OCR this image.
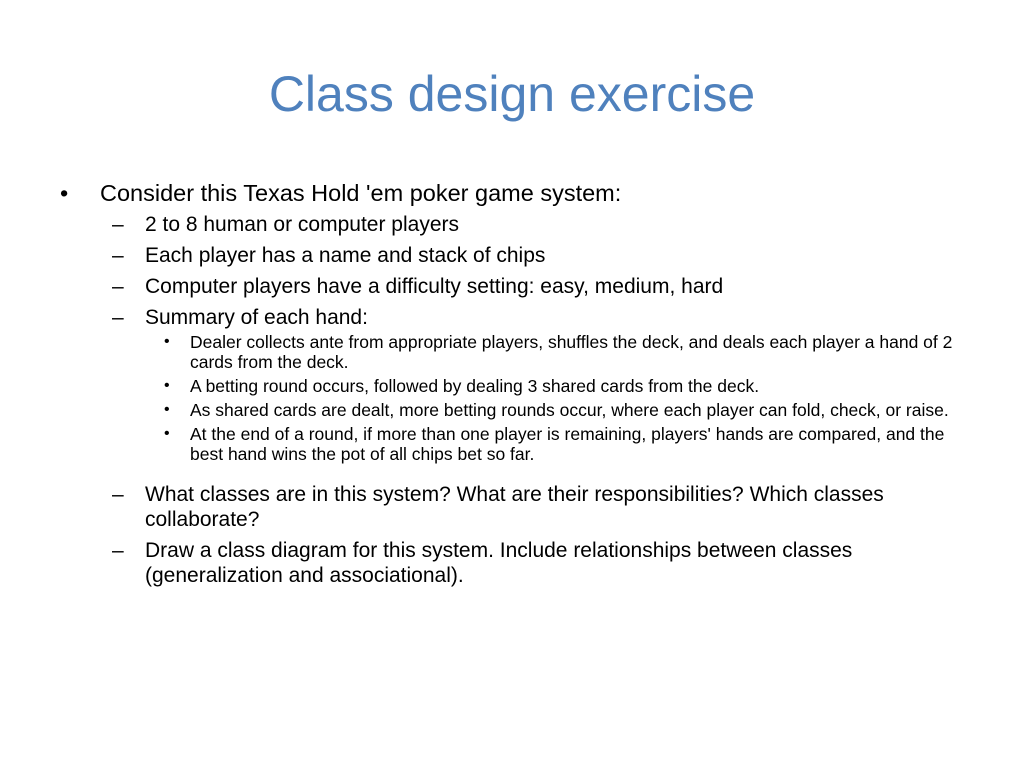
Class design exercise
• Consider this Texas Hold 'em poker game system:
– 2 to 8 human or computer players
– Each player has a name and stack of chips
– Computer players have a difficulty setting: easy, medium, hard
– Summary of each hand:
• Dealer collects ante from appropriate players, shuffles the deck, and deals each player a hand of 2 cards from the deck.
• A betting round occurs, followed by dealing 3 shared cards from the deck.
• As shared cards are dealt, more betting rounds occur, where each player can fold, check, or raise.
• At the end of a round, if more than one player is remaining, players' hands are compared, and the best hand wins the pot of all chips bet so far.
– What classes are in this system? What are their responsibilities? Which classes collaborate?
– Draw a class diagram for this system. Include relationships between classes (generalization and associational).
